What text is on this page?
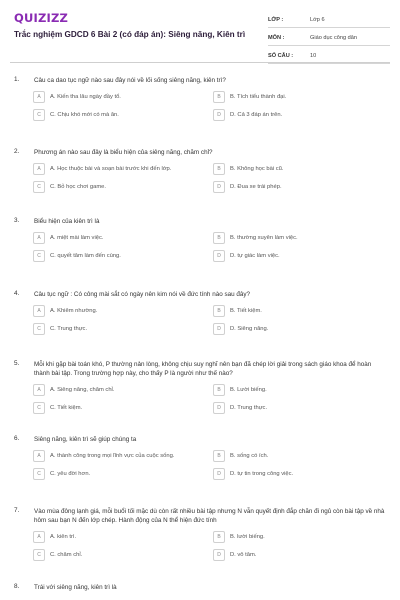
QUIZIZZ
Trắc nghiệm GDCD 6 Bài 2 (có đáp án): Siêng năng, Kiên trì
LỚP :	Lớp 6
MÔN :	Giáo dục công dân
SỐ CÂU :	10
1.	Câu ca dao tục ngữ nào sau đây nói về lối sống siêng năng, kiên trì?
A	A. Kiến tha lâu ngày đầy tổ.	B	B. Tích tiểu thành đại.
C	C. Chịu khó mới có mà ăn.	D	D. Cả 3 đáp án trên.
2.	Phương án nào sau đây là biểu hiện của siêng năng, chăm chỉ?
A	A. Học thuộc bài và soạn bài trước khi đến lớp.	B	B. Không học bài cũ.
C	C. Bỏ học chơi game.	D	D. Đua xe trái phép.
3.	Biểu hiện của kiên trì là
A	A. miệt mài làm việc.	B	B. thường xuyên làm việc.
C	C. quyết tâm làm đến cùng.	D	D. tự giác làm việc.
4.	Câu tục ngữ : Có công mài sắt có ngày nên kim nói về đức tính nào sau đây?
A	A. Khiêm nhường.	B	B. Tiết kiệm.
C	C. Trung thực.	D	D. Siêng năng.
5.	Mỗi khi gặp bài toán khó, P thường nản lòng, không chịu suy nghĩ nên bạn đã chép lời giải trong sách giáo khoa để hoàn thành bài tập. Trong trường hợp này, cho thấy P là người như thế nào?
A	A. Siêng năng, chăm chỉ.	B	B. Lười biếng.
C	C. Tiết kiệm.	D	D. Trung thực.
6.	Siêng năng, kiên trì sẽ giúp chúng ta
A	A. thành công trong mọi lĩnh vực của cuộc sống.	B	B. sống có ích.
C	C. yêu đời hơn.	D	D. tự tin trong công việc.
7.	Vào mùa đông lạnh giá, mỗi buổi tối mặc dù còn rất nhiều bài tập nhưng N vẫn quyết định đắp chăn đi ngủ còn bài tập về nhà hôm sau bạn N đến lớp chép. Hành động của N thể hiện đức tính
A	A. kiên trì.	B	B. lười biếng.
C	C. chăm chỉ.	D	D. vô tâm.
8.	Trái với siêng năng, kiên trì là
